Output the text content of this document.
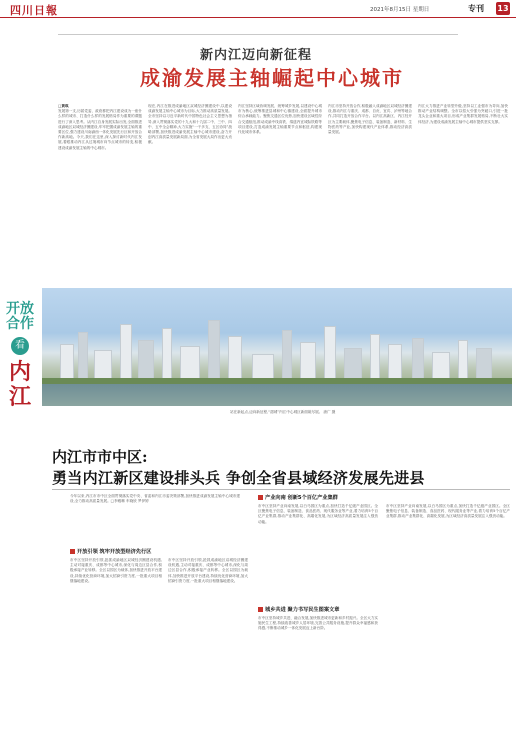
四川日報	2021年8月15日 星期日	专刊 13
新内江迈向新征程
成渝发展主轴崛起中心城市
开放合作
看
内江
□黄琪
发展第一支,历届党委、政府都把内江建设成为一座什么样的城市、打造什么样的发展格局作为重要的课题进行了深入思考。从内江自身发展实际出发,全面推进成渝地区双城经济圈建设,牢牢把握成渝发展主轴的重要区位,强力建设川南渝西一体化发展先行区和开放合作新高地。今天,我们在这里,深入探讨新时代内江发展,着眼推动内江从过境城市向节点城市的转变,积极建设成渝发展主轴的中心城市。
现在,内江在推进成渝地区双城经济圈建设中,以建设成渝发展主轴中心城市为目标,大力推动高质量发展。全市坚持以习近平新时代中国特色社会主义思想为指导,深入贯彻落实党的十九大和十九届二中、三中、四中、五中全会精神,大力实施“一干多支、五区协同”战略部署,加快推进成渝发展主轴中心城市建设,奋力开创内江高质量发展新局面,为全省发展大局作出更大贡献。
内江坚持区域协调发展、统筹城乡发展,以建设中心城市为核心,统筹推进县城和中心镇建设,全面提升城市综合承载能力。聚焦交通区位优势,加快建设区域性综合交通枢纽,推动成渝中线高铁、绵遂内宜城际铁路等项目建设,打造成渝发展主轴重要节点和枢纽,构建现代化城市体系。
内江市坚持开放合作,积极融入成渝地区双城经济圈建设,推动内江与重庆、成都、自贡、宜宾、泸州等地合作,共同打造开放合作平台。以内江高新区、内江经开区为主要载体,聚焦电子信息、装备制造、新材料、生物医药等产业,加快构建现代产业体系,推动经济高质量发展。
内江大力推进产业转型升级,坚持以工业强市为导向,加快推动产业结构调整。全市以招大引强为突破口,引进一批龙头企业和重大项目,形成产业集群发展格局,不断壮大实体经济,为建设成渝发展主轴中心城市提供坚实支撑。
站在新起点,迈向新征程,“甜城”内江中心城区新面貌尽展。 唐广 摄
内江市市中区:
勇当内江新区建设排头兵 争创全省县域经济发展先进县
今年以来,内江市市中区全面贯彻落实党中央、省委和内江市委决策部署,加快推进成渝发展主轴中心城市建设,全力推动高质量发展。□李雅琳 车晓欣 罗伊婷
开放引领 筑牢开放型经济先行区
市中区坚持开放引领,抢抓成渝地区双城经济圈建设机遇,主动对接重庆、成都等中心城市,深化与周边区县合作,积极承接产业转移。全区以园区为载体,加快推进开放平台建设,持续优化营商环境,加大招商引资力度,一批重大项目相继落地建设。
产业向南 创新5个百亿产业集群
市中区坚持产业向南发展,以白马园区为重点,加快打造千亿级产业园区。全区聚焦电子信息、装备制造、食品医药、现代服务业等产业,着力培育5个百亿产业集群,推动产业集群化、高端化发展,为区域经济高质量发展注入强劲动能。
城乡共进 聚力书写民生图案文章
市中区坚持城乡共进、融合发展,加快推进城市更新和乡村振兴。全区大力实施民生工程,持续改善城乡人居环境,完善公共服务设施,提升群众幸福感和获得感,不断推动城乡一体化发展迈上新台阶。
市中区坚持开放引领,抢抓成渝地区双城经济圈建设机遇,主动对接重庆、成都等中心城市,深化与周边区县合作,积极承接产业转移。全区以园区为载体,加快推进开放平台建设,持续优化营商环境,加大招商引资力度,一批重大项目相继落地建设。
市中区坚持产业向南发展,以白马园区为重点,加快打造千亿级产业园区。全区聚焦电子信息、装备制造、食品医药、现代服务业等产业,着力培育5个百亿产业集群,推动产业集群化、高端化发展,为区域经济高质量发展注入强劲动能。
